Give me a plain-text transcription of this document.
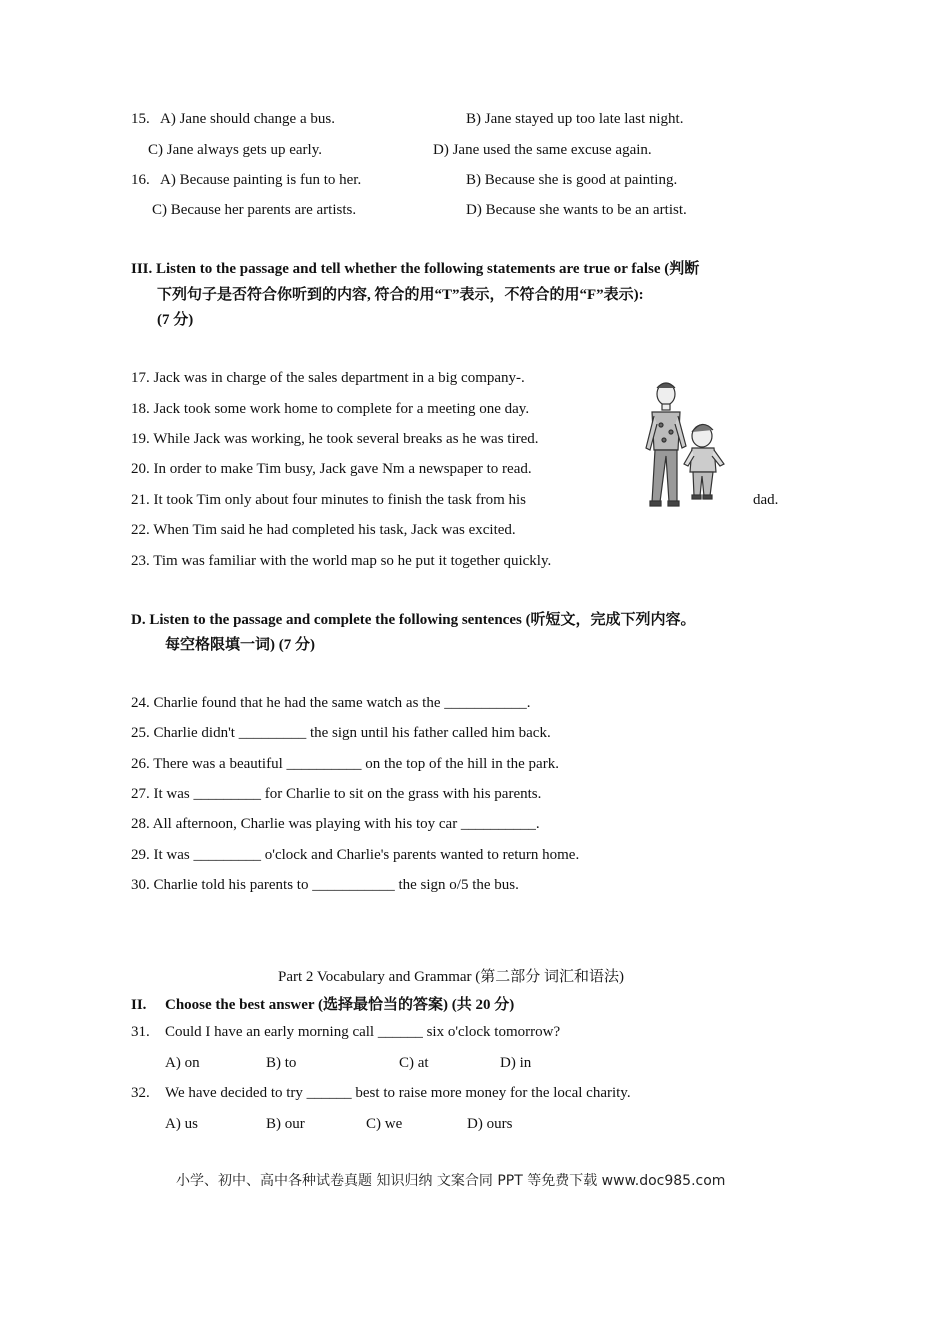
15. A) Jane should change a bus.	B) Jane stayed up too late last night.
C) Jane always gets up early.	D) Jane used the same excuse again.
16. A) Because painting is fun to her.	B) Because she is good at painting.
C) Because her parents are artists.	D) Because she wants to be an artist.
III. Listen to the passage and tell whether the following statements are true or false (判断
下列句子是否符合你听到的内容, 符合的用“T”表示，不符合的用“F”表示):
(7 分)
17. Jack was in charge of the sales department in a big company-.
18. Jack took some work home to complete for a meeting one day.
19. While Jack was working, he took several breaks as he was tired.
20. In order to make Tim busy, Jack gave Nm a newspaper to read.
21. It took Tim only about four minutes to finish the task from his	dad.
22. When Tim said he had completed his task, Jack was excited.
23. Tim was familiar with the world map so he put it together quickly.
D. Listen to the passage and complete the following sentences (听短文，完成下列内容。
每空格限填一词) (7 分)
24. Charlie found that he had the same watch as the ___________.
25. Charlie didn't _________ the sign until his father called him back.
26. There was a beautiful __________ on the top of the hill in the park.
27. It was _________ for Charlie to sit on the grass with his parents.
28. All afternoon, Charlie was playing with his toy car __________.
29. It was _________ o'clock and Charlie's parents wanted to return home.
30. Charlie told his parents to ___________ the sign o/5 the bus.
Part 2 Vocabulary and Grammar (第二部分 词汇和语法)
II. Choose the best answer (选择最恰当的答案) (共 20 分)
31. Could I have an early morning call ______ six o'clock tomorrow?
A) on	B) to	C) at	D) in
32. We have decided to try ______ best to raise more money for the local charity.
A) us	B) our	C) we	D) ours
小学、初中、高中各种试卷真题 知识归纳 文案合同 PPT 等免费下载 www.doc985.com
